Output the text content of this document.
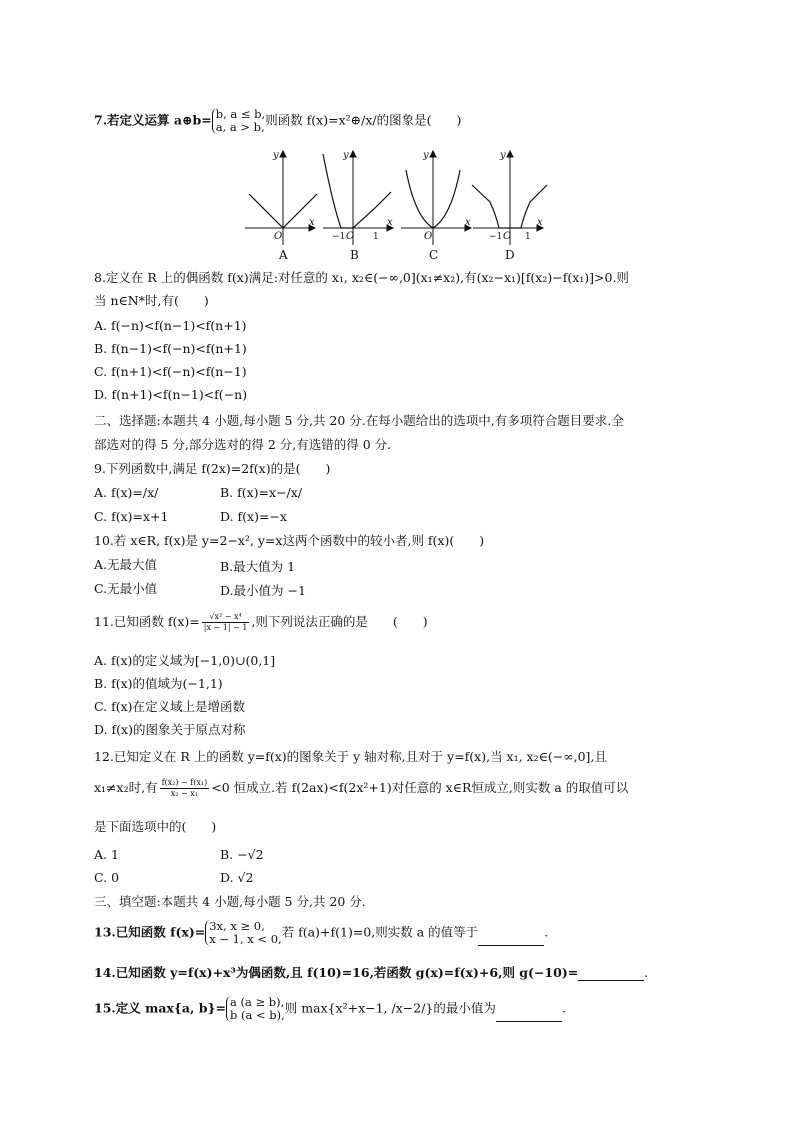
7.若定义运算 a⊕b= b, a ≤ b,
a, a > b, 则函数 f(x)=x²⊕/x/的图象是(　　)
y
x
O
y
x
O
y
x
O
y
x
O
−1	1	−1	1
A	B	C	D
8.定义在 R 上的偶函数 f(x)满足:对任意的 x₁, x₂∈(−∞,0](x₁≠x₂),有(x₂−x₁)[f(x₂)−f(x₁)]>0.则
当 n∈N*时,有(　　)
A. f(−n)<f(n−1)<f(n+1)
B. f(n−1)<f(−n)<f(n+1)
C. f(n+1)<f(−n)<f(n−1)
D. f(n+1)<f(n−1)<f(−n)
二、选择题:本题共 4 小题,每小题 5 分,共 20 分.在每小题给出的选项中,有多项符合题目要求.全
部选对的得 5 分,部分选对的得 2 分,有选错的得 0 分.
9.下列函数中,满足 f(2x)=2f(x)的是(　　)
A. f(x)=/x/	B. f(x)=x−/x/
C. f(x)=x+1	D. f(x)=−x
10.若 x∈R, f(x)是 y=2−x², y=x这两个函数中的较小者,则 f(x)(　　)
A.无最大值	B.最大值为 1
C.无最小值	D.最小值为 −1
11.已知函数 $f(x)= \frac{\text{√x² − x⁴}}{|x - 1| - 1}$ ,则下列说法正确的是　　(　　)
A. f(x)的定义域为[−1,0)∪(0,1]
B. f(x)的值域为(−1,1)
C. f(x)在定义域上是增函数
D. f(x)的图象关于原点对称
12.已知定义在 R 上的函数 y=f(x)的图象关于 y 轴对称,且对于 y=f(x),当 x₁, x₂∈(−∞,0],且
x₁≠x₂时,有 $\frac{\text{f(x₂) − f(x₁)}}{\text{x₂ − x₁}} <0$ 恒成立.若 f(2ax)<f(2x²+1)对任意的 x∈R恒成立,则实数 a 的取值可以
是下面选项中的(　　)
A. 1	B. −√2
C. 0	D. √2
三、填空题:本题共 4 小题,每小题 5 分,共 20 分.
13.已知函数 f(x)= 3x, x ≥ 0,
x − 1, x < 0, 若 f(a)+f(1)=0,则实数 a 的值等于	.
14.已知函数 y=f(x)+x³为偶函数,且 f(10)=16,若函数 g(x)=f(x)+6,则 g(−10)=	.
15.定义 max{a, b}= a (a ≥ b),
b (a < b), 则 max{x²+x−1, /x−2/}的最小值为	.
